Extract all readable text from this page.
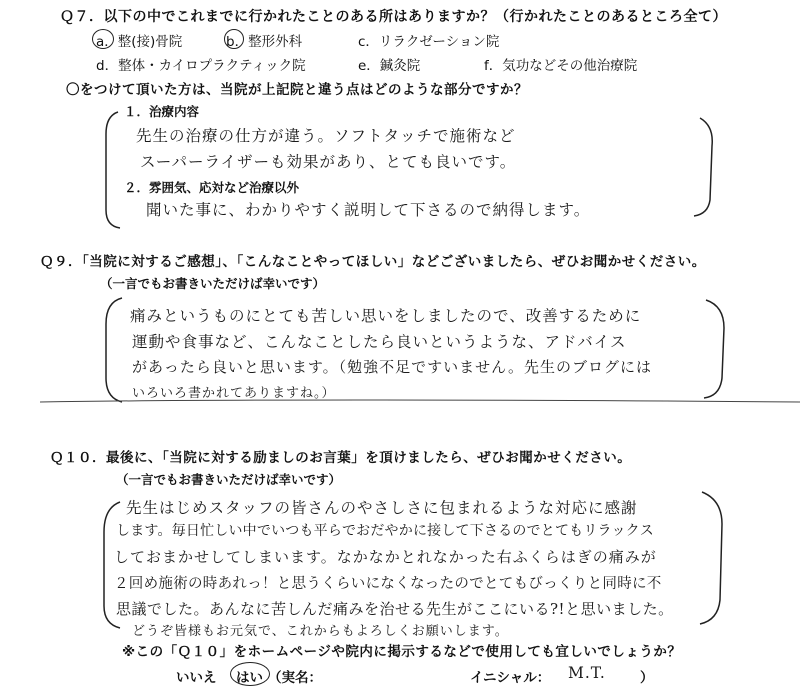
Ｑ７．以下の中でこれまでに行かれたことのある所はありますか？（行かれたことのあるところ全て）
a．整(接)骨院	b．整形外科	c．リラクゼーション院
d．整体・カイロプラクティック院	e．鍼灸院	f．気功などその他治療院
〇をつけて頂いた方は、当院が上記院と違う点はどのような部分ですか？
１．治療内容
先生の治療の仕方が違う。ソフトタッチで施術など
スーパーライザーも効果があり、とても良いです。
２．雰囲気、応対など治療以外
聞いた事に、わかりやすく説明して下さるので納得します。
Ｑ９．「当院に対するご感想」、「こんなことやってほしい」などございましたら、ぜひお聞かせください。
（一言でもお書きいただけば幸いです）
痛みというものにとても苦しい思いをしましたので、改善するために
運動や食事など、こんなことしたら良いというような、アドバイス
があったら良いと思います。（勉強不足ですいません。先生のブログには
いろいろ書かれてありますね。）
Ｑ１０．最後に、「当院に対する励ましのお言葉」を頂けましたら、ぜひお聞かせください。
（一言でもお書きいただけば幸いです）
先生はじめスタッフの皆さんのやさしさに包まれるような対応に感謝
します。毎日忙しい中でいつも平らでおだやかに接して下さるのでとてもリラックス
しておまかせしてしまいます。なかなかとれなかった右ふくらはぎの痛みが
２回め施術の時あれっ！と思うくらいになくなったのでとてもびっくりと同時に不
思議でした。あんなに苦しんだ痛みを治せる先生がここにいる?!と思いました。
どうぞ皆様もお元気で、これからもよろしくお願いします。
※この「Ｑ１０」をホームページや院内に掲示するなどで使用しても宜しいでしょうか？
いいえ はい （実名：	イニシャル： M.T.	）
